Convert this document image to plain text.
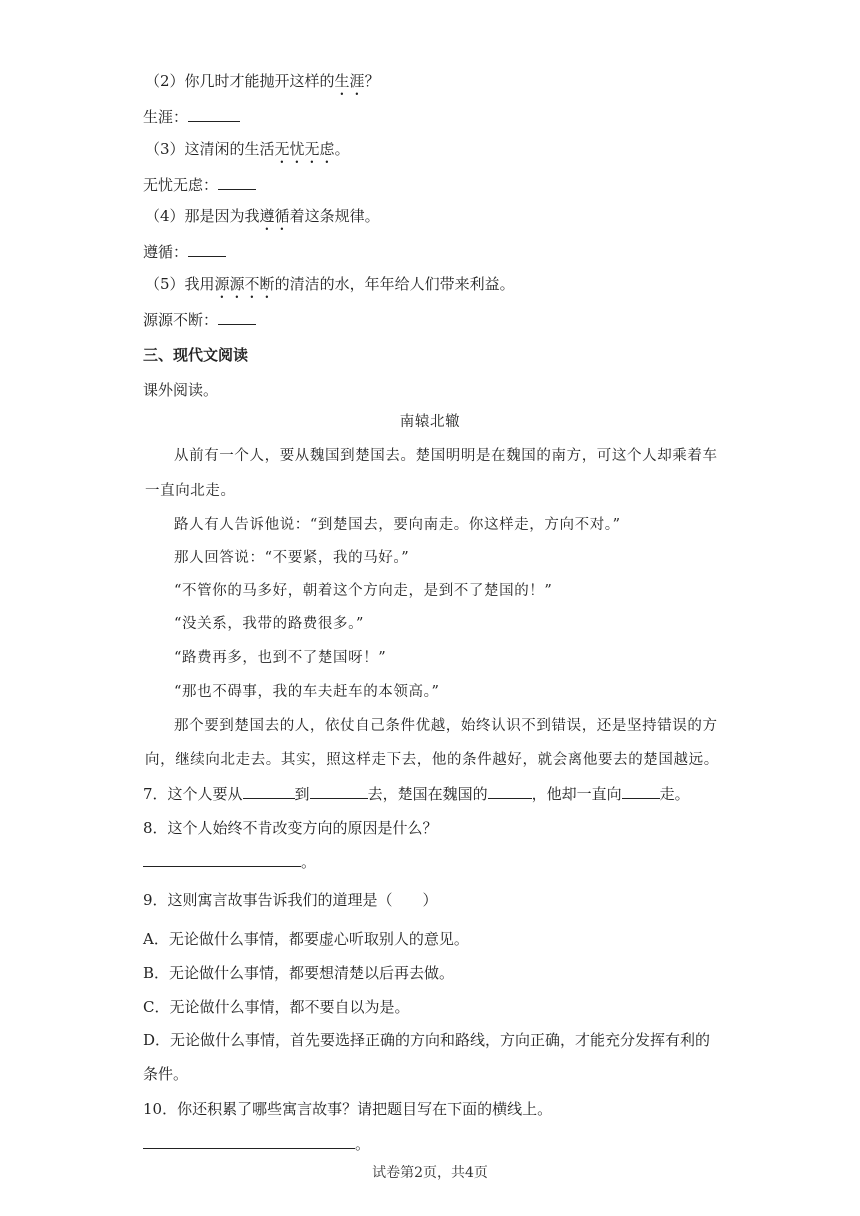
（2）你几时才能抛开这样的生涯？
生涯：
（3）这清闲的生活无忧无虑。
无忧无虑：
（4）那是因为我遵循着这条规律。
遵循：
（5）我用源源不断的清洁的水，年年给人们带来利益。
源源不断：
三、现代文阅读
课外阅读。
南辕北辙
从前有一个人，要从魏国到楚国去。楚国明明是在魏国的南方，可这个人却乘着车
一直向北走。
路人有人告诉他说：“到楚国去，要向南走。你这样走，方向不对。”
那人回答说：“不要紧，我的马好。”
“不管你的马多好，朝着这个方向走，是到不了楚国的！”
“没关系，我带的路费很多。”
“路费再多，也到不了楚国呀！”
“那也不碍事，我的车夫赶车的本领高。”
那个要到楚国去的人，依仗自己条件优越，始终认识不到错误，还是坚持错误的方
向，继续向北走去。其实，照这样走下去，他的条件越好，就会离他要去的楚国越远。
7．这个人要从	到	去，楚国在魏国的	，他却一直向	走。
8．这个人始终不肯改变方向的原因是什么？
。
9．这则寓言故事告诉我们的道理是（　　）
A．无论做什么事情，都要虚心听取别人的意见。
B．无论做什么事情，都要想清楚以后再去做。
C．无论做什么事情，都不要自以为是。
D．无论做什么事情，首先要选择正确的方向和路线，方向正确，才能充分发挥有利的
条件。
10．你还积累了哪些寓言故事？请把题目写在下面的横线上。
。
试卷第2页，共4页
